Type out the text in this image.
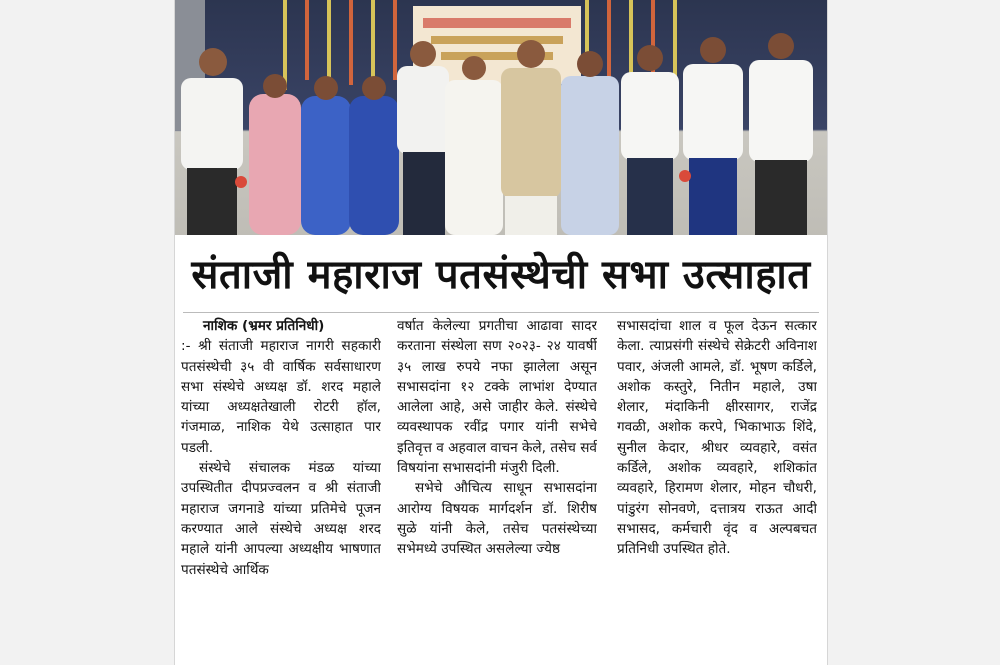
संताजी महाराज पतसंस्थेची सभा उत्साहात
नाशिक (भ्रमर प्रतिनिधी)

:- श्री संताजी महाराज नागरी सहकारी पतसंस्थेची ३५ वी वार्षिक सर्वसाधारण सभा संस्थेचे अध्यक्ष डॉ. शरद महाले यांच्या अध्यक्षतेखाली रोटरी हॉल, गंजमाळ, नाशिक येथे उत्साहात पार पडली.

संस्थेचे संचालक मंडळ यांच्या उपस्थितीत दीपप्रज्वलन व श्री संताजी महाराज जगनाडे यांच्या प्रतिमेचे पूजन करण्यात आले संस्थेचे अध्यक्ष शरद महाले यांनी आपल्या अध्यक्षीय भाषणात पतसंस्थेचे आर्थिक

वर्षात केलेल्या प्रगतीचा आढावा सादर करताना संस्थेला सण २०२३- २४ यावर्षी ३५ लाख रुपये नफा झालेला असून सभासदांना १२ टक्के लाभांश देण्यात आलेला आहे, असे जाहीर केले. संस्थेचे व्यवस्थापक रवींद्र पगार यांनी सभेचे इतिवृत्त व अहवाल वाचन केले, तसेच सर्व विषयांना सभासदांनी मंजुरी दिली.

सभेचे औचित्य साधून सभासदांना आरोग्य विषयक मार्गदर्शन डॉ. शिरीष सुळे यांनी केले, तसेच पतसंस्थेच्या सभेमध्ये उपस्थित असलेल्या ज्येष्ठ

सभासदांचा शाल व फूल देऊन सत्कार केला. त्याप्रसंगी संस्थेचे सेक्रेटरी अविनाश पवार, अंजली आमले, डॉ. भूषण कर्डिले, अशोक कस्तुरे, नितीन महाले, उषा शेलार, मंदाकिनी क्षीरसागर, राजेंद्र गवळी, अशोक करपे, भिकाभाऊ शिंदे, सुनील केदार, श्रीधर व्यवहारे, वसंत कर्डिले, अशोक व्यवहारे, शशिकांत व्यवहारे, हिरामण शेलार, मोहन चौधरी, पांडुरंग सोनवणे, दत्तात्रय राऊत आदी सभासद, कर्मचारी वृंद व अल्पबचत प्रतिनिधी उपस्थित होते.
